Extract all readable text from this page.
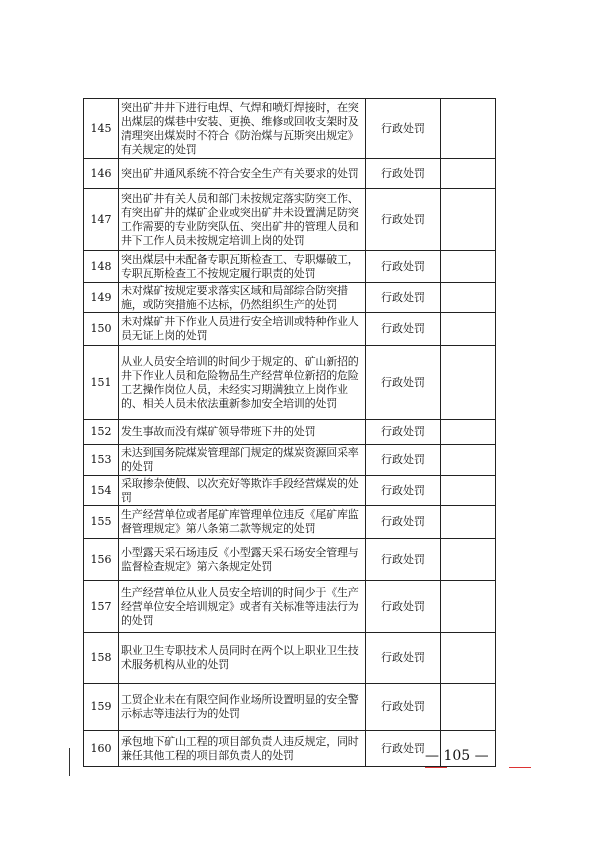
145	突出矿井井下进行电焊、气焊和喷灯焊接时，在突出煤层的煤巷中安装、更换、维修或回收支架时及清理突出煤炭时不符合《防治煤与瓦斯突出规定》有关规定的处罚	行政处罚	
146	突出矿井通风系统不符合安全生产有关要求的处罚	行政处罚	
147	突出矿井有关人员和部门未按规定落实防突工作、有突出矿井的煤矿企业或突出矿井未设置满足防突工作需要的专业防突队伍、突出矿井的管理人员和井下工作人员未按规定培训上岗的处罚	行政处罚	
148	突出煤层中未配备专职瓦斯检查工、专职爆破工，专职瓦斯检查工不按规定履行职责的处罚	行政处罚	
149	未对煤矿按规定要求落实区域和局部综合防突措施，或防突措施不达标，仍然组织生产的处罚	行政处罚	
150	未对煤矿井下作业人员进行安全培训或特种作业人员无证上岗的处罚	行政处罚	
151	从业人员安全培训的时间少于规定的、矿山新招的井下作业人员和危险物品生产经营单位新招的危险工艺操作岗位人员，未经实习期满独立上岗作业的、相关人员未依法重新参加安全培训的处罚	行政处罚	
152	发生事故而没有煤矿领导带班下井的处罚	行政处罚	
153	未达到国务院煤炭管理部门规定的煤炭资源回采率的处罚	行政处罚	
154	采取掺杂使假、以次充好等欺诈手段经营煤炭的处罚	行政处罚	
155	生产经营单位或者尾矿库管理单位违反《尾矿库监督管理规定》第八条第二款等规定的处罚	行政处罚	
156	小型露天采石场违反《小型露天采石场安全管理与监督检查规定》第六条规定处罚	行政处罚	
157	生产经营单位从业人员安全培训的时间少于《生产经营单位安全培训规定》或者有关标准等违法行为的处罚	行政处罚	
158	职业卫生专职技术人员同时在两个以上职业卫生技术服务机构从业的处罚	行政处罚	
159	工贸企业未在有限空间作业场所设置明显的安全警示标志等违法行为的处罚	行政处罚	
160	承包地下矿山工程的项目部负责人违反规定，同时兼任其他工程的项目部负责人的处罚	行政处罚	— 105 —
